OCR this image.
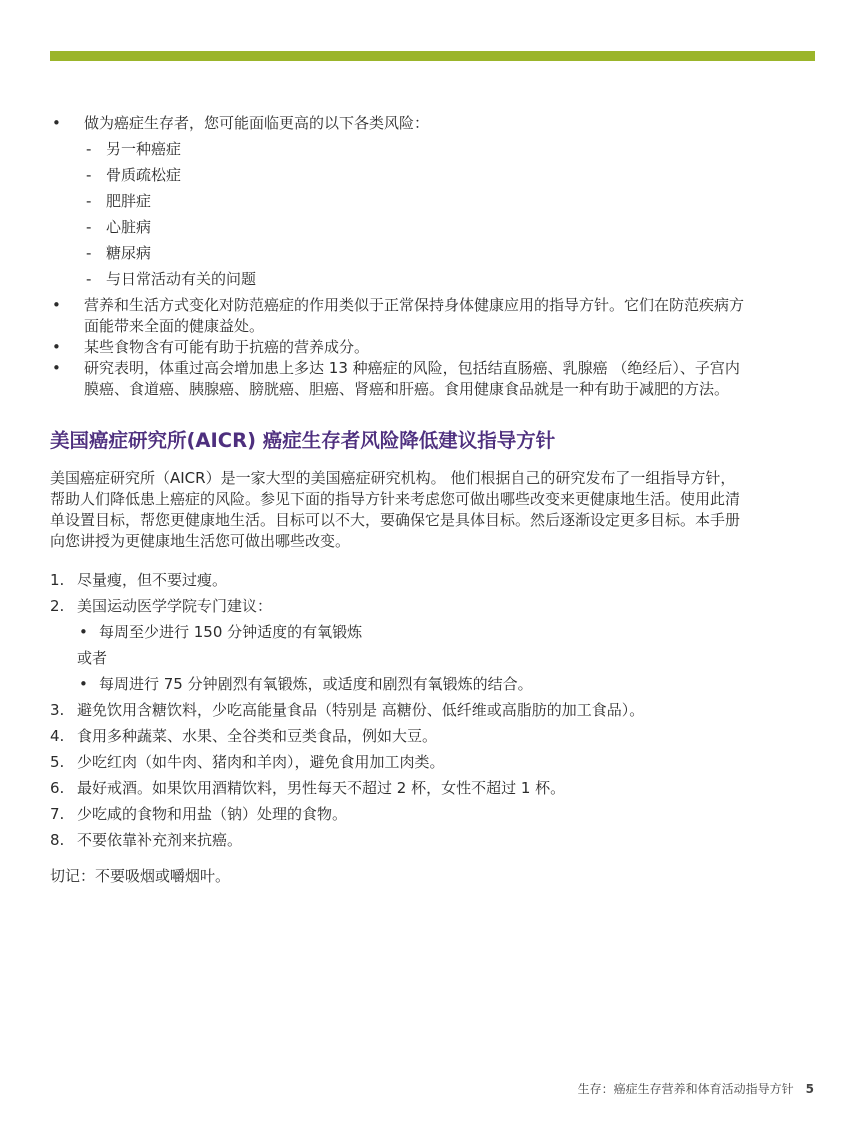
• 做为癌症生存者，您可能面临更高的以下各类风险：
- 另一种癌症
- 骨质疏松症
- 肥胖症
- 心脏病
- 糖尿病
- 与日常活动有关的问题
• 营养和生活方式变化对防范癌症的作用类似于正常保持身体健康应用的指导方针。它们在防范疾病方面能带来全面的健康益处。
• 某些食物含有可能有助于抗癌的营养成分。
• 研究表明，体重过高会增加患上多达 13 种癌症的风险，包括结直肠癌、乳腺癌 （绝经后）、子宫内膜癌、食道癌、胰腺癌、膀胱癌、胆癌、肾癌和肝癌。食用健康食品就是一种有助于减肥的方法。
美国癌症研究所(AICR) 癌症生存者风险降低建议指导方针

美国癌症研究所（AICR）是一家大型的美国癌症研究机构。 他们根据自己的研究发布了一组指导方针，帮助人们降低患上癌症的风险。参见下面的指导方针来考虑您可做出哪些改变来更健康地生活。使用此清单设置目标，帮您更健康地生活。目标可以不大，要确保它是具体目标。然后逐渐设定更多目标。本手册向您讲授为更健康地生活您可做出哪些改变。

1. 尽量瘦，但不要过瘦。
2. 美国运动医学学院专门建议：
• 每周至少进行 150 分钟适度的有氧锻炼
或者
• 每周进行 75 分钟剧烈有氧锻炼，或适度和剧烈有氧锻炼的结合。
3. 避免饮用含糖饮料，少吃高能量食品（特别是 高糖份、低纤维或高脂肪的加工食品）。
4. 食用多种蔬菜、水果、全谷类和豆类食品，例如大豆。
5. 少吃红肉（如牛肉、猪肉和羊肉），避免食用加工肉类。
6. 最好戒酒。如果饮用酒精饮料，男性每天不超过 2 杯，女性不超过 1 杯。
7. 少吃咸的食物和用盐（钠）处理的食物。
8. 不要依靠补充剂来抗癌。

切记：不要吸烟或嚼烟叶。

生存：癌症生存营养和体育活动指导方针 5
